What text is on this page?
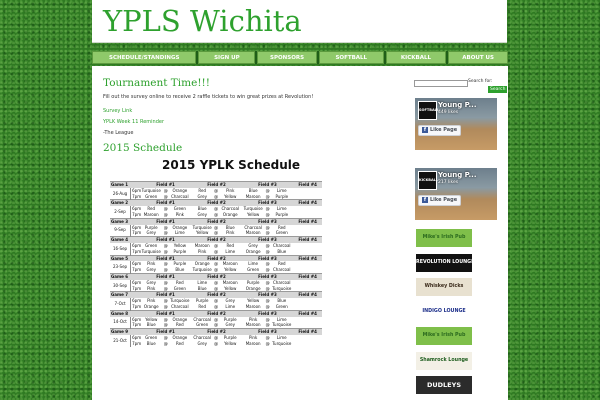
YPLS Wichita
SCHEDULE/STANDINGS	SIGN UP	SPONSORS	SOFTBALL	KICKBALL	ABOUT US
Tournament Time!!!
Fill out the survey online to receive 2 raffle tickets to win great prizes at Revolution!
Survey Link
YPLK Week 11 Reminder
-The League
2015 Schedule
2015 YPLK Schedule
Game 1		Field #1			Field #2			Field #3			Field #4
26-Aug	6pm	Turquoise	@	Orange	Red	@	Pink	Blue	@	Lime	
	7pm	Green	@	Charcoal	Grey	@	Yellow	Maroon	@	Purple	
Game 2		Field #1			Field #2			Field #3			Field #4
2-Sep	6pm	Red	@	Green	Blue	@	Charcoal	Turquoise	@	Lime	
	7pm	Maroon	@	Pink	Grey	@	Orange	Yellow	@	Purple	
Game 3		Field #1			Field #2			Field #3			Field #4
9-Sep	6pm	Purple	@	Orange	Turquoise	@	Blue	Charcoal	@	Red	
	7pm	Grey	@	Lime	Yellow	@	Pink	Maroon	@	Green	
Game 4		Field #1			Field #2			Field #3			Field #4
16-Sep	6pm	Green	@	Yellow	Maroon	@	Red	Grey	@	Charcoal	
	7pm	Turquoise	@	Purple	Pink	@	Lime	Orange	@	Blue	
Game 5		Field #1			Field #2			Field #3			Field #4
23-Sep	6pm	Pink	@	Purple	Orange	@	Maroon	Lime	@	Red	
	7pm	Grey	@	Blue	Turquoise	@	Yellow	Green	@	Charcoal	
Game 6		Field #1			Field #2			Field #3			Field #4
30-Sep	6pm	Grey	@	Red	Lime	@	Maroon	Purple	@	Charcoal	
	7pm	Pink	@	Green	Blue	@	Yellow	Orange	@	Turquoise	
Game 7		Field #1			Field #2			Field #3			Field #4
7-Oct	6pm	Pink	@	Turquoise	Purple	@	Grey	Yellow	@	Blue	
	7pm	Orange	@	Charcoal	Red	@	Lime	Maroon	@	Green	
Game 8		Field #1			Field #2			Field #3			Field #4
14-Oct	6pm	Yellow	@	Orange	Charcoal	@	Purple	Pink	@	Lime	
	7pm	Blue	@	Red	Green	@	Grey	Maroon	@	Turquoise	
Game 9		Field #1			Field #2			Field #3			Field #4
21-Oct	6pm	Green	@	Orange	Charcoal	@	Purple	Pink	@	Lime	
	7pm	Blue	@	Red	Grey	@	Yellow	Maroon	@	Turquoise	
Mike's Irish Pub
REVOLUTION LOUNGE
Whiskey Dicks
INDIGO LOUNGE
Mike's Irish Pub
Shamrock Lounge
DUDLEYS
Search for:
Search
SOFTBALL
Young P...
449 likes
f Like Page
KICKBALL
Young P...
217 likes
f Like Page
